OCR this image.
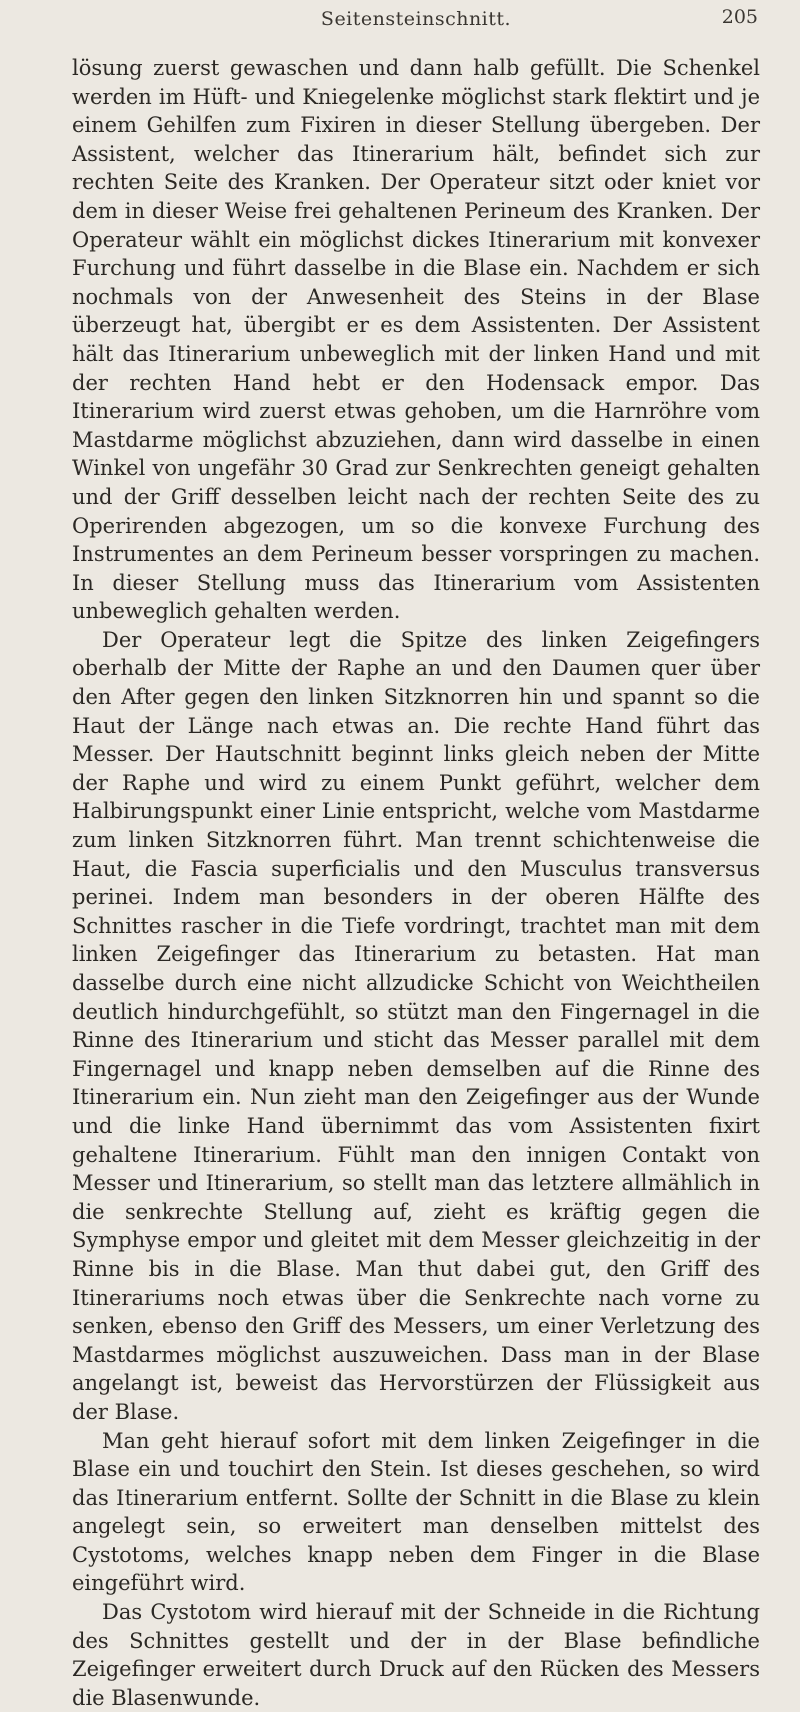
Seitensteinschnitt.	205

lösung zuerst gewaschen und dann halb gefüllt. Die Schenkel werden im Hüft- und Kniegelenke möglichst stark flektirt und je einem Gehilfen zum Fixiren in dieser Stellung übergeben. Der Assistent, welcher das Itinerarium hält, befindet sich zur rechten Seite des Kranken. Der Operateur sitzt oder kniet vor dem in dieser Weise frei gehaltenen Perineum des Kranken. Der Operateur wählt ein möglichst dickes Itinerarium mit konvexer Furchung und führt dasselbe in die Blase ein. Nachdem er sich nochmals von der Anwesenheit des Steins in der Blase überzeugt hat, übergibt er es dem Assistenten. Der Assistent hält das Itinerarium unbeweglich mit der linken Hand und mit der rechten Hand hebt er den Hodensack empor. Das Itinerarium wird zuerst etwas gehoben, um die Harnröhre vom Mastdarme möglichst abzuziehen, dann wird dasselbe in einen Winkel von ungefähr 30 Grad zur Senkrechten geneigt gehalten und der Griff desselben leicht nach der rechten Seite des zu Operirenden abgezogen, um so die konvexe Furchung des Instrumentes an dem Perineum besser vorspringen zu machen. In dieser Stellung muss das Itinerarium vom Assistenten unbeweglich gehalten werden.

Der Operateur legt die Spitze des linken Zeigefingers oberhalb der Mitte der Raphe an und den Daumen quer über den After gegen den linken Sitzknorren hin und spannt so die Haut der Länge nach etwas an. Die rechte Hand führt das Messer. Der Hautschnitt beginnt links gleich neben der Mitte der Raphe und wird zu einem Punkt geführt, welcher dem Halbirungspunkt einer Linie entspricht, welche vom Mastdarme zum linken Sitzknorren führt. Man trennt schichtenweise die Haut, die Fascia superficialis und den Musculus transversus perinei. Indem man besonders in der oberen Hälfte des Schnittes rascher in die Tiefe vordringt, trachtet man mit dem linken Zeigefinger das Itinerarium zu betasten. Hat man dasselbe durch eine nicht allzudicke Schicht von Weichtheilen deutlich hindurchgefühlt, so stützt man den Fingernagel in die Rinne des Itinerarium und sticht das Messer parallel mit dem Fingernagel und knapp neben demselben auf die Rinne des Itinerarium ein. Nun zieht man den Zeigefinger aus der Wunde und die linke Hand übernimmt das vom Assistenten fixirt gehaltene Itinerarium. Fühlt man den innigen Contakt von Messer und Itinerarium, so stellt man das letztere allmählich in die senkrechte Stellung auf, zieht es kräftig gegen die Symphyse empor und gleitet mit dem Messer gleichzeitig in der Rinne bis in die Blase. Man thut dabei gut, den Griff des Itinerariums noch etwas über die Senkrechte nach vorne zu senken, ebenso den Griff des Messers, um einer Verletzung des Mastdarmes möglichst auszuweichen. Dass man in der Blase angelangt ist, beweist das Hervorstürzen der Flüssigkeit aus der Blase.

Man geht hierauf sofort mit dem linken Zeigefinger in die Blase ein und touchirt den Stein. Ist dieses geschehen, so wird das Itinerarium entfernt. Sollte der Schnitt in die Blase zu klein angelegt sein, so erweitert man denselben mittelst des Cystotoms, welches knapp neben dem Finger in die Blase eingeführt wird.

Das Cystotom wird hierauf mit der Schneide in die Richtung des Schnittes gestellt und der in der Blase befindliche Zeigefinger erweitert durch Druck auf den Rücken des Messers die Blasenwunde.
